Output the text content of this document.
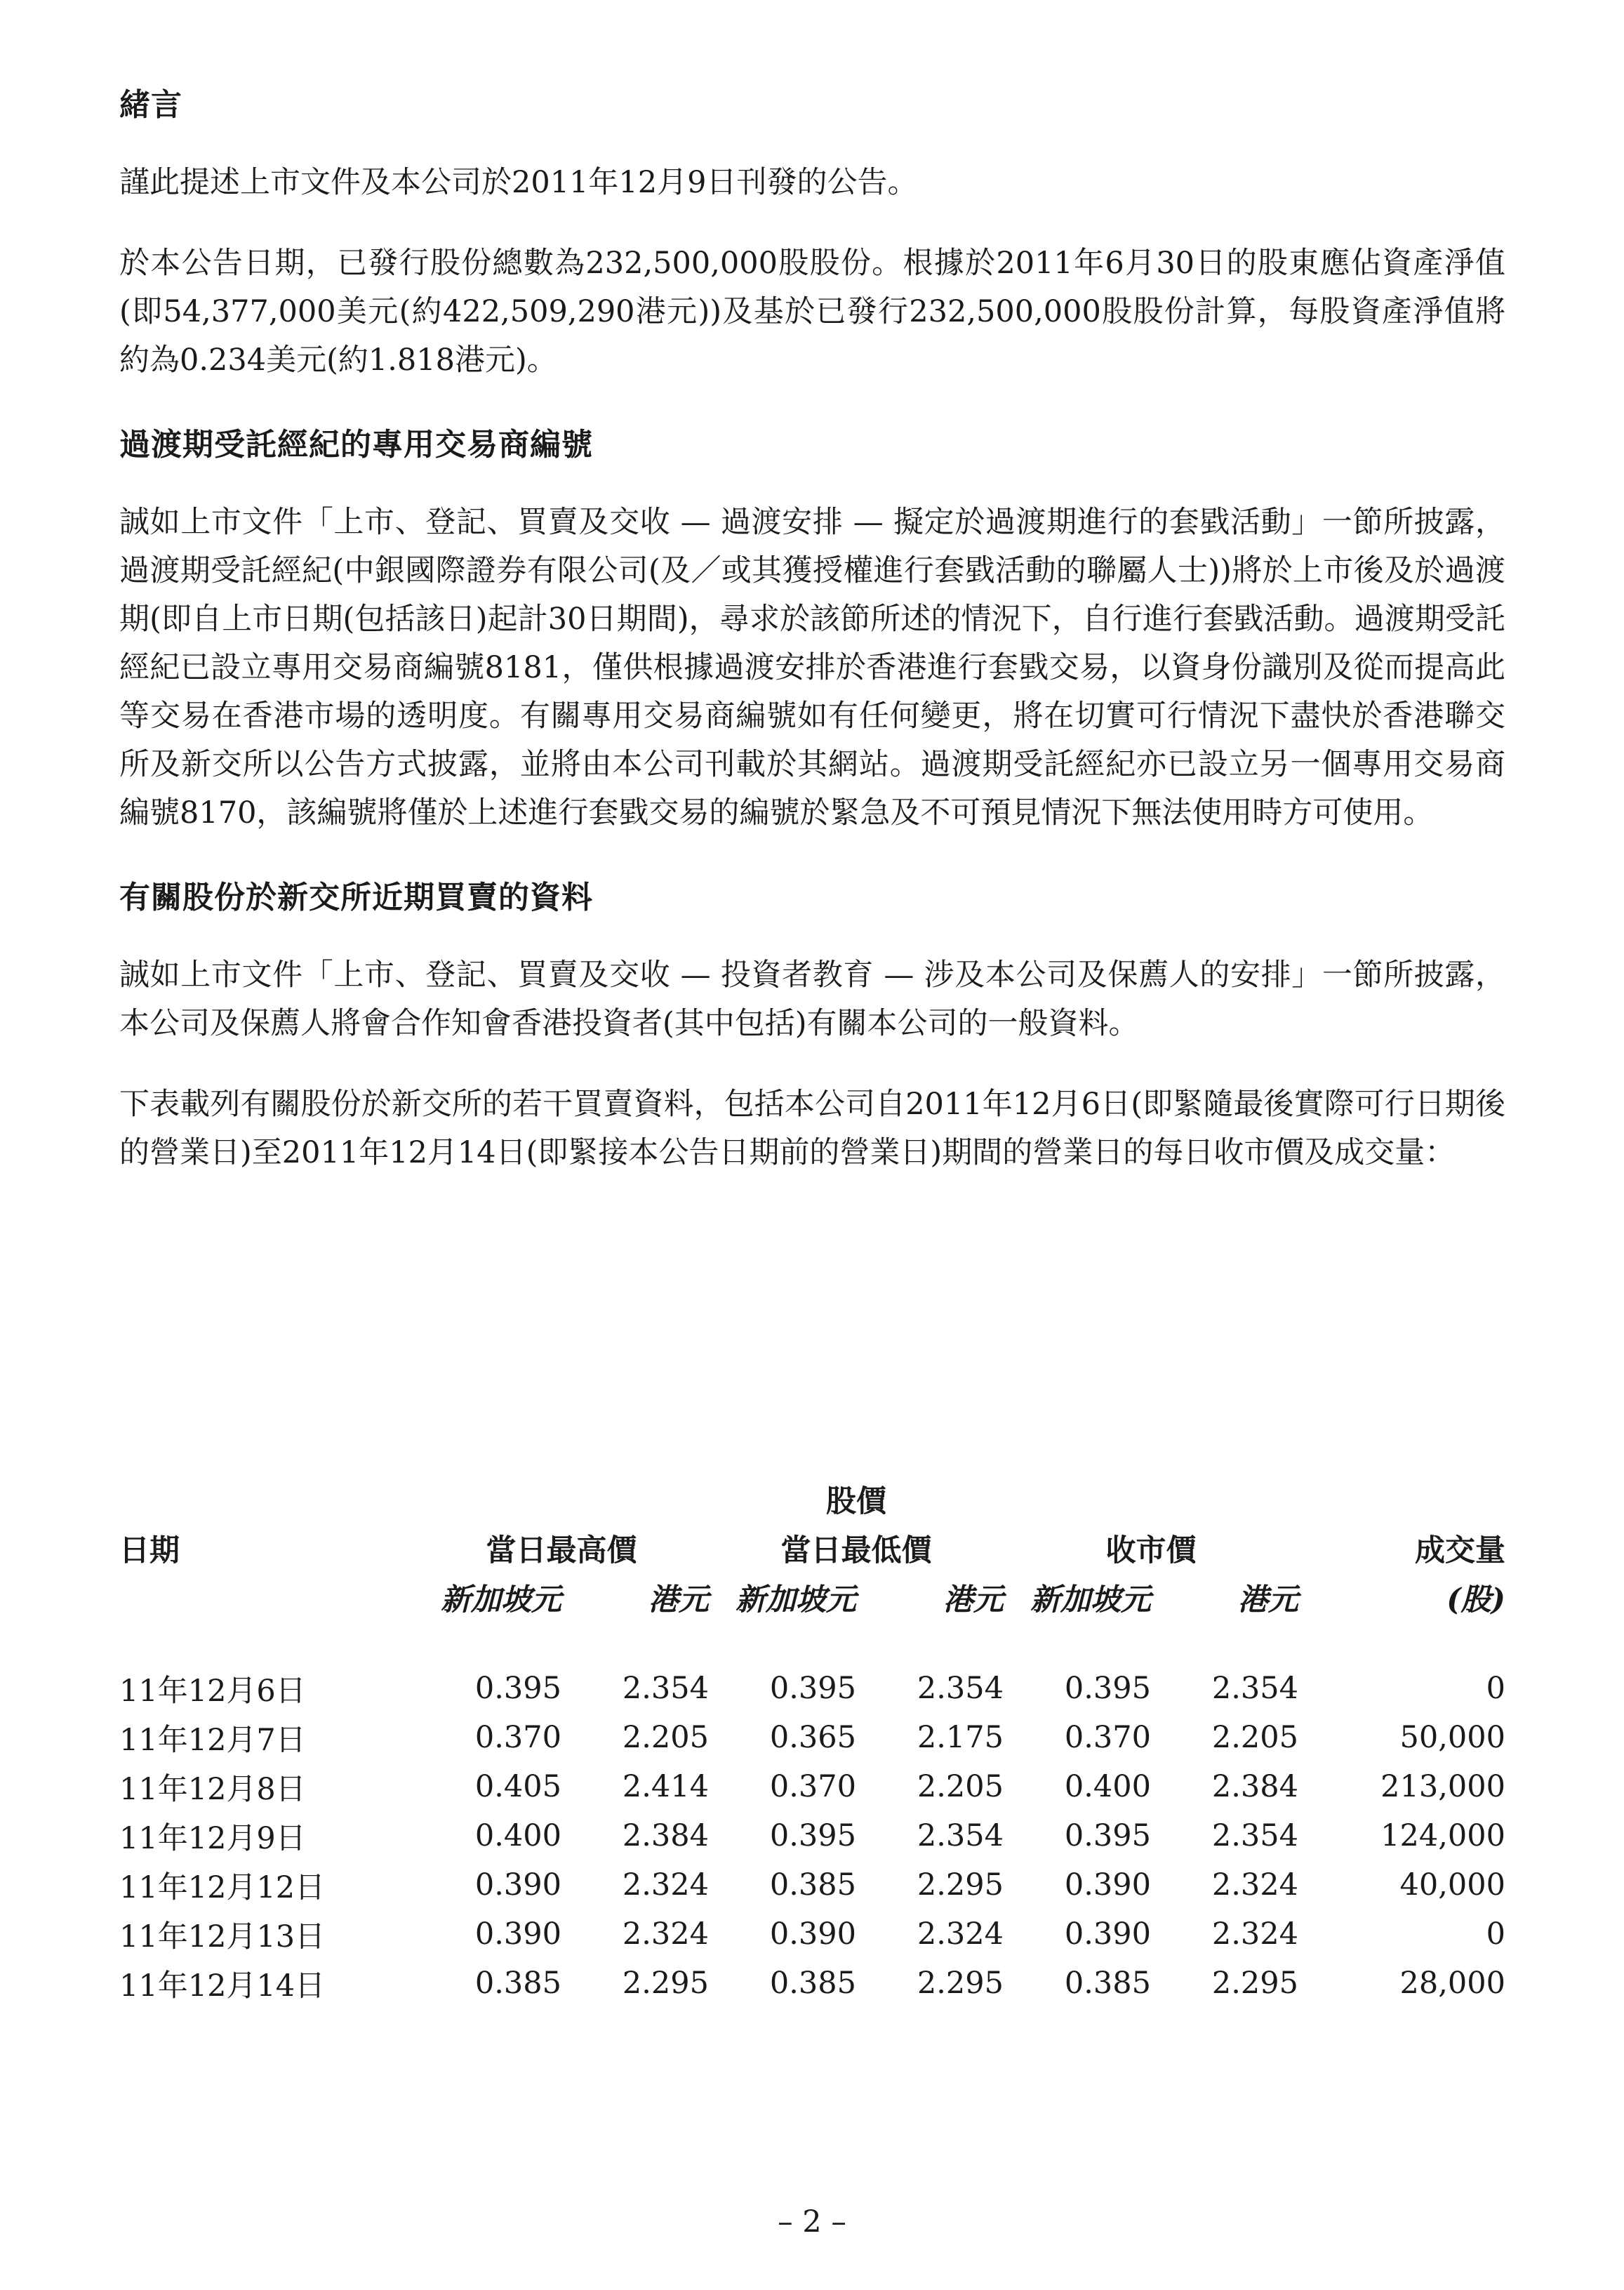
緒言

謹此提述上市文件及本公司於2011年12月9日刊發的公告。

於本公告日期，已發行股份總數為232,500,000股股份。根據於2011年6月30日的股東應佔資產淨值(即54,377,000美元(約422,509,290港元))及基於已發行232,500,000股股份計算，每股資產淨值將約為0.234美元(約1.818港元)。

過渡期受託經紀的專用交易商編號

誠如上市文件「上市、登記、買賣及交收 — 過渡安排 — 擬定於過渡期進行的套戥活動」一節所披露，過渡期受託經紀(中銀國際證券有限公司(及／或其獲授權進行套戥活動的聯屬人士))將於上市後及於過渡期(即自上市日期(包括該日)起計30日期間)，尋求於該節所述的情況下，自行進行套戥活動。過渡期受託經紀已設立專用交易商編號8181，僅供根據過渡安排於香港進行套戥交易，以資身份識別及從而提高此等交易在香港市場的透明度。有關專用交易商編號如有任何變更，將在切實可行情況下盡快於香港聯交所及新交所以公告方式披露，並將由本公司刊載於其網站。過渡期受託經紀亦已設立另一個專用交易商編號8170，該編號將僅於上述進行套戥交易的編號於緊急及不可預見情況下無法使用時方可使用。

有關股份於新交所近期買賣的資料

誠如上市文件「上市、登記、買賣及交收 — 投資者教育 — 涉及本公司及保薦人的安排」一節所披露，本公司及保薦人將會合作知會香港投資者(其中包括)有關本公司的一般資料。

下表載列有關股份於新交所的若干買賣資料，包括本公司自2011年12月6日(即緊隨最後實際可行日期後的營業日)至2011年12月14日(即緊接本公告日期前的營業日)期間的營業日的每日收市價及成交量：

	股價						
日期	當日最高價		當日最低價		收市價		成交量
	新加坡元	港元	新加坡元	港元	新加坡元	港元	(股)

11年12月6日	0.395	2.354	0.395	2.354	0.395	2.354	0
11年12月7日	0.370	2.205	0.365	2.175	0.370	2.205	50,000
11年12月8日	0.405	2.414	0.370	2.205	0.400	2.384	213,000
11年12月9日	0.400	2.384	0.395	2.354	0.395	2.354	124,000
11年12月12日	0.390	2.324	0.385	2.295	0.390	2.324	40,000
11年12月13日	0.390	2.324	0.390	2.324	0.390	2.324	0
11年12月14日	0.385	2.295	0.385	2.295	0.385	2.295	28,000
– 2 –
